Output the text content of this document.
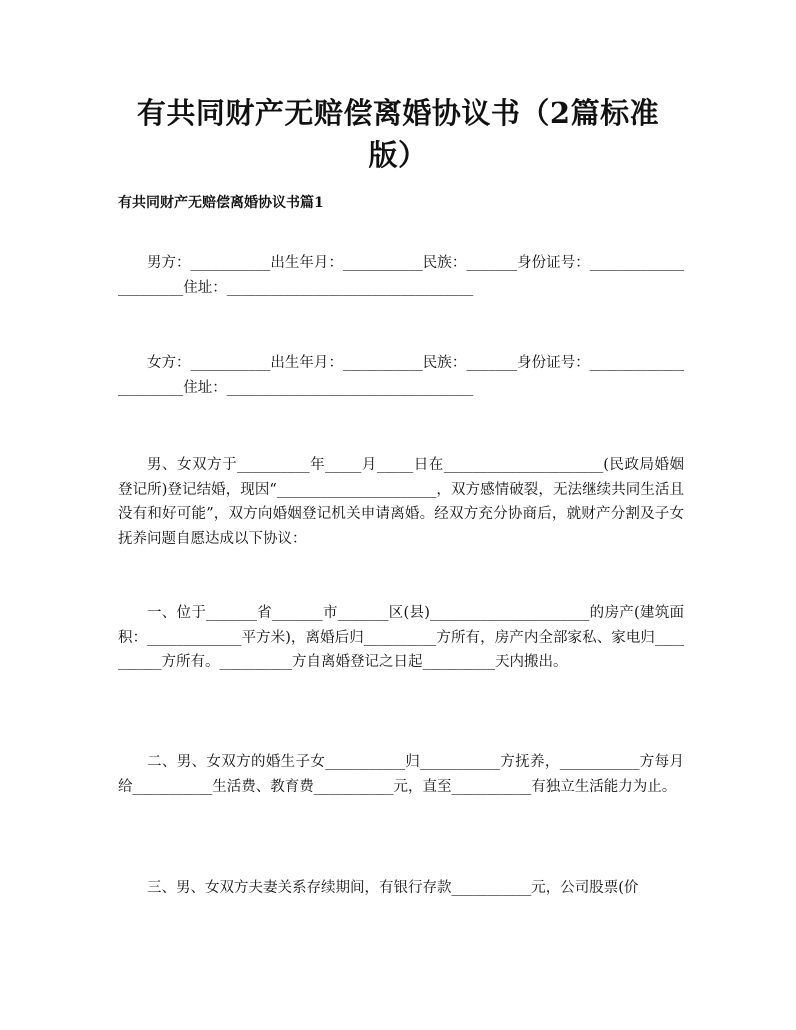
有共同财产无赔偿离婚协议书（2篇标准版）
有共同财产无赔偿离婚协议书篇1

男方：___________出生年月：___________民族：_______身份证号：______________________住址：__________________________________

女方：___________出生年月：___________民族：_______身份证号：______________________住址：__________________________________

男、女双方于__________年_____月_____日在______________________(民政局婚姻登记所)登记结婚，现因“______________________，双方感情破裂，无法继续共同生活且没有和好可能”，双方向婚姻登记机关申请离婚。经双方充分协商后，就财产分割及子女抚养问题自愿达成以下协议：

一、位于_______省_______市_______区(县)______________________的房产(建筑面积：_____________平方米)，离婚后归__________方所有，房产内全部家私、家电归__________方所有。__________方自离婚登记之日起__________天内搬出。

二、男、女双方的婚生子女___________归___________方抚养，___________方每月给___________生活费、教育费___________元，直至___________有独立生活能力为止。

三、男、女双方夫妻关系存续期间，有银行存款___________元，公司股票(价
